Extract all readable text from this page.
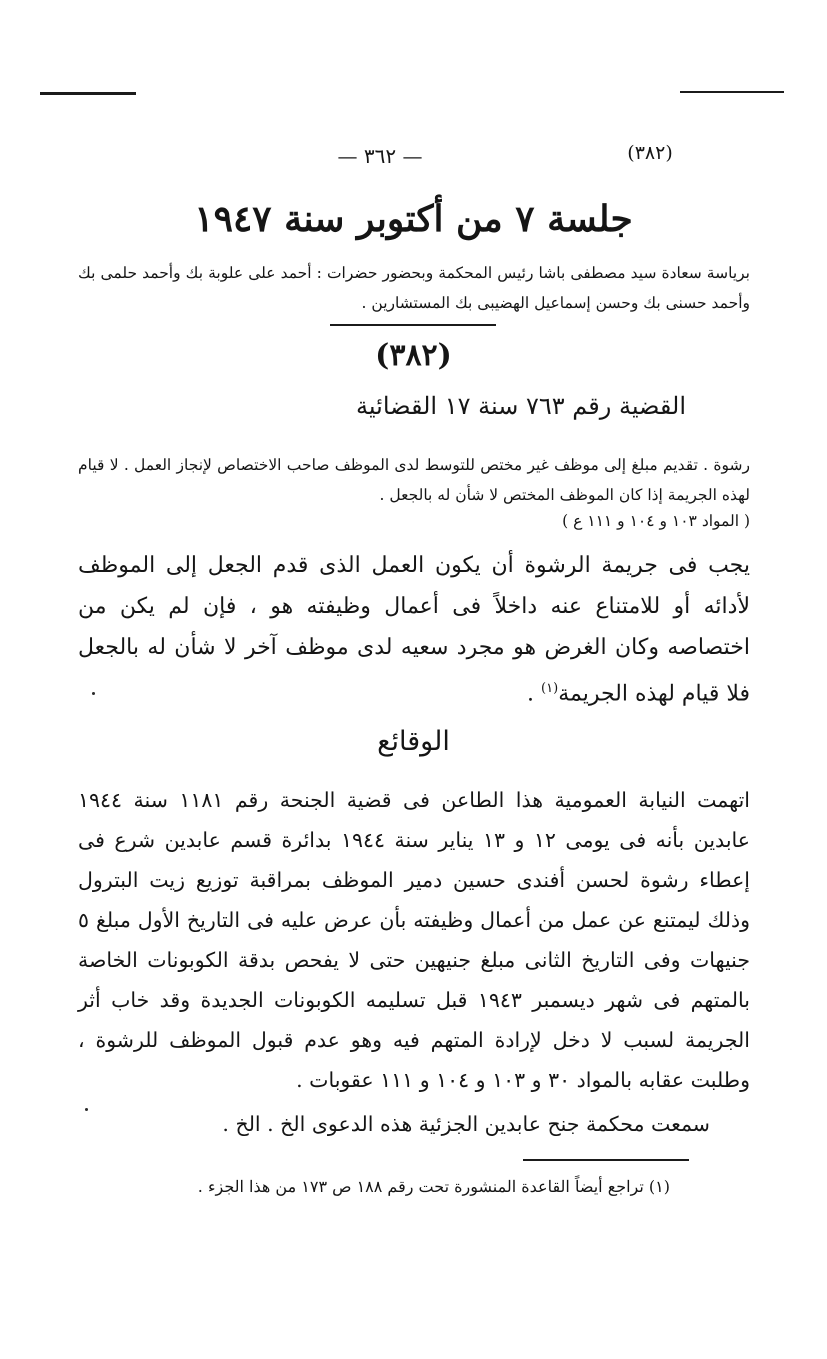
— ٣٦٢ —	(٣٨٢)
جلسة ٧ من أكتوبر سنة ١٩٤٧
برياسة سعادة سيد مصطفى باشا رئيس المحكمة وبحضور حضرات : أحمد على علوبة بك وأحمد حلمى بك وأحمد حسنى بك وحسن إسماعيل الهضيبى بك المستشارين .
(٣٨٢)
القضية رقم ٧٦٣ سنة ١٧ القضائية
رشوة . تقديم مبلغ إلى موظف غير مختص للتوسط لدى الموظف صاحب الاختصاص لإنجاز العمل . لا قيام لهذه الجريمة إذا كان الموظف المختص لا شأن له بالجعل .
( المواد ١٠٣ و ١٠٤ و ١١١ ع )
يجب فى جريمة الرشوة أن يكون العمل الذى قدم الجعل إلى الموظف لأدائه أو للامتناع عنه داخلاً فى أعمال وظيفته هو ، فإن لم يكن من اختصاصه وكان الغرض هو مجرد سعيه لدى موظف آخر لا شأن له بالجعل فلا قيام لهذه الجريمة$^{(١)}$ .
الوقائع
اتهمت النيابة العمومية هذا الطاعن فى قضية الجنحة رقم ١١٨١ سنة ١٩٤٤ عابدين بأنه فى يومى ١٢ و ١٣ يناير سنة ١٩٤٤ بدائرة قسم عابدين شرع فى إعطاء رشوة لحسن أفندى حسين دمير الموظف بمراقبة توزيع زيت البترول وذلك ليمتنع عن عمل من أعمال وظيفته بأن عرض عليه فى التاريخ الأول مبلغ ٥ جنيهات وفى التاريخ الثانى مبلغ جنيهين حتى لا يفحص بدقة الكوبونات الخاصة بالمتهم فى شهر ديسمبر ١٩٤٣ قبل تسليمه الكوبونات الجديدة وقد خاب أثر الجريمة لسبب لا دخل لإرادة المتهم فيه وهو عدم قبول الموظف للرشوة ، وطلبت عقابه بالمواد ٣٠ و ١٠٣ و ١٠٤ و ١١١ عقوبات .
سمعت محكمة جنح عابدين الجزئية هذه الدعوى الخ . الخ .
(١) تراجع أيضاً القاعدة المنشورة تحت رقم ١٨٨ ص ١٧٣ من هذا الجزء .
